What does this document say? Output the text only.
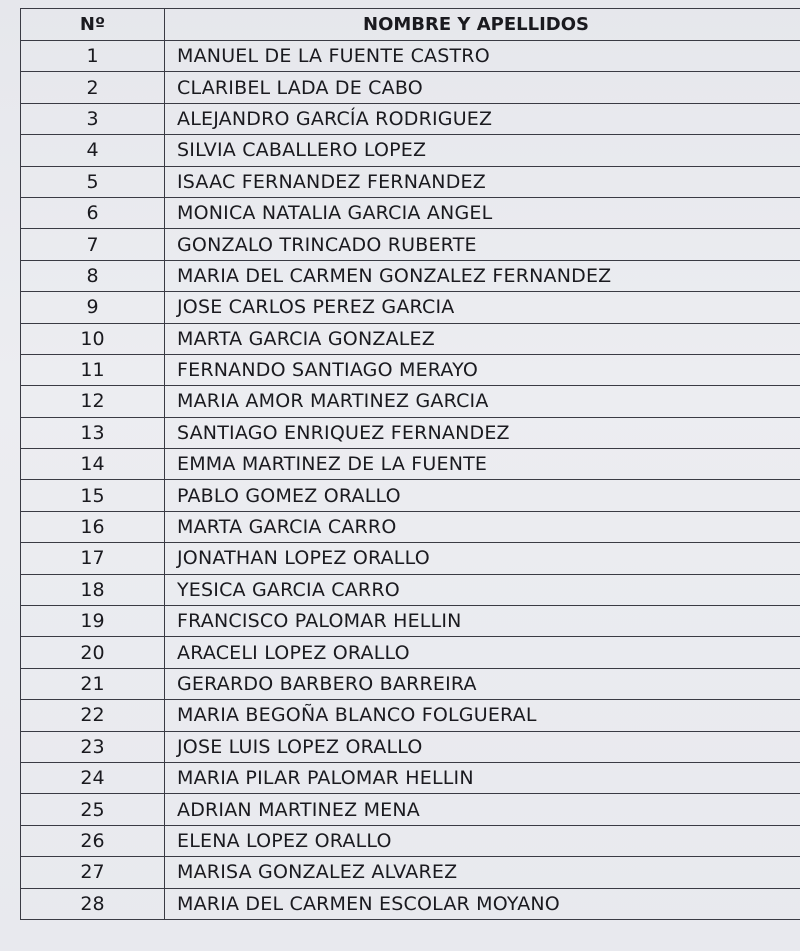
Nº	NOMBRE Y APELLIDOS
1	MANUEL DE LA FUENTE CASTRO
2	CLARIBEL LADA DE CABO
3	ALEJANDRO GARCÍA RODRIGUEZ
4	SILVIA CABALLERO LOPEZ
5	ISAAC FERNANDEZ FERNANDEZ
6	MONICA NATALIA GARCIA ANGEL
7	GONZALO TRINCADO RUBERTE
8	MARIA DEL CARMEN GONZALEZ FERNANDEZ
9	JOSE CARLOS PEREZ GARCIA
10	MARTA GARCIA GONZALEZ
11	FERNANDO SANTIAGO MERAYO
12	MARIA AMOR MARTINEZ GARCIA
13	SANTIAGO ENRIQUEZ FERNANDEZ
14	EMMA MARTINEZ DE LA FUENTE
15	PABLO GOMEZ ORALLO
16	MARTA GARCIA CARRO
17	JONATHAN LOPEZ ORALLO
18	YESICA GARCIA CARRO
19	FRANCISCO PALOMAR HELLIN
20	ARACELI LOPEZ ORALLO
21	GERARDO BARBERO BARREIRA
22	MARIA BEGOÑA BLANCO FOLGUERAL
23	JOSE LUIS LOPEZ ORALLO
24	MARIA PILAR PALOMAR HELLIN
25	ADRIAN MARTINEZ MENA
26	ELENA LOPEZ ORALLO
27	MARISA GONZALEZ ALVAREZ
28	MARIA DEL CARMEN ESCOLAR MOYANO
